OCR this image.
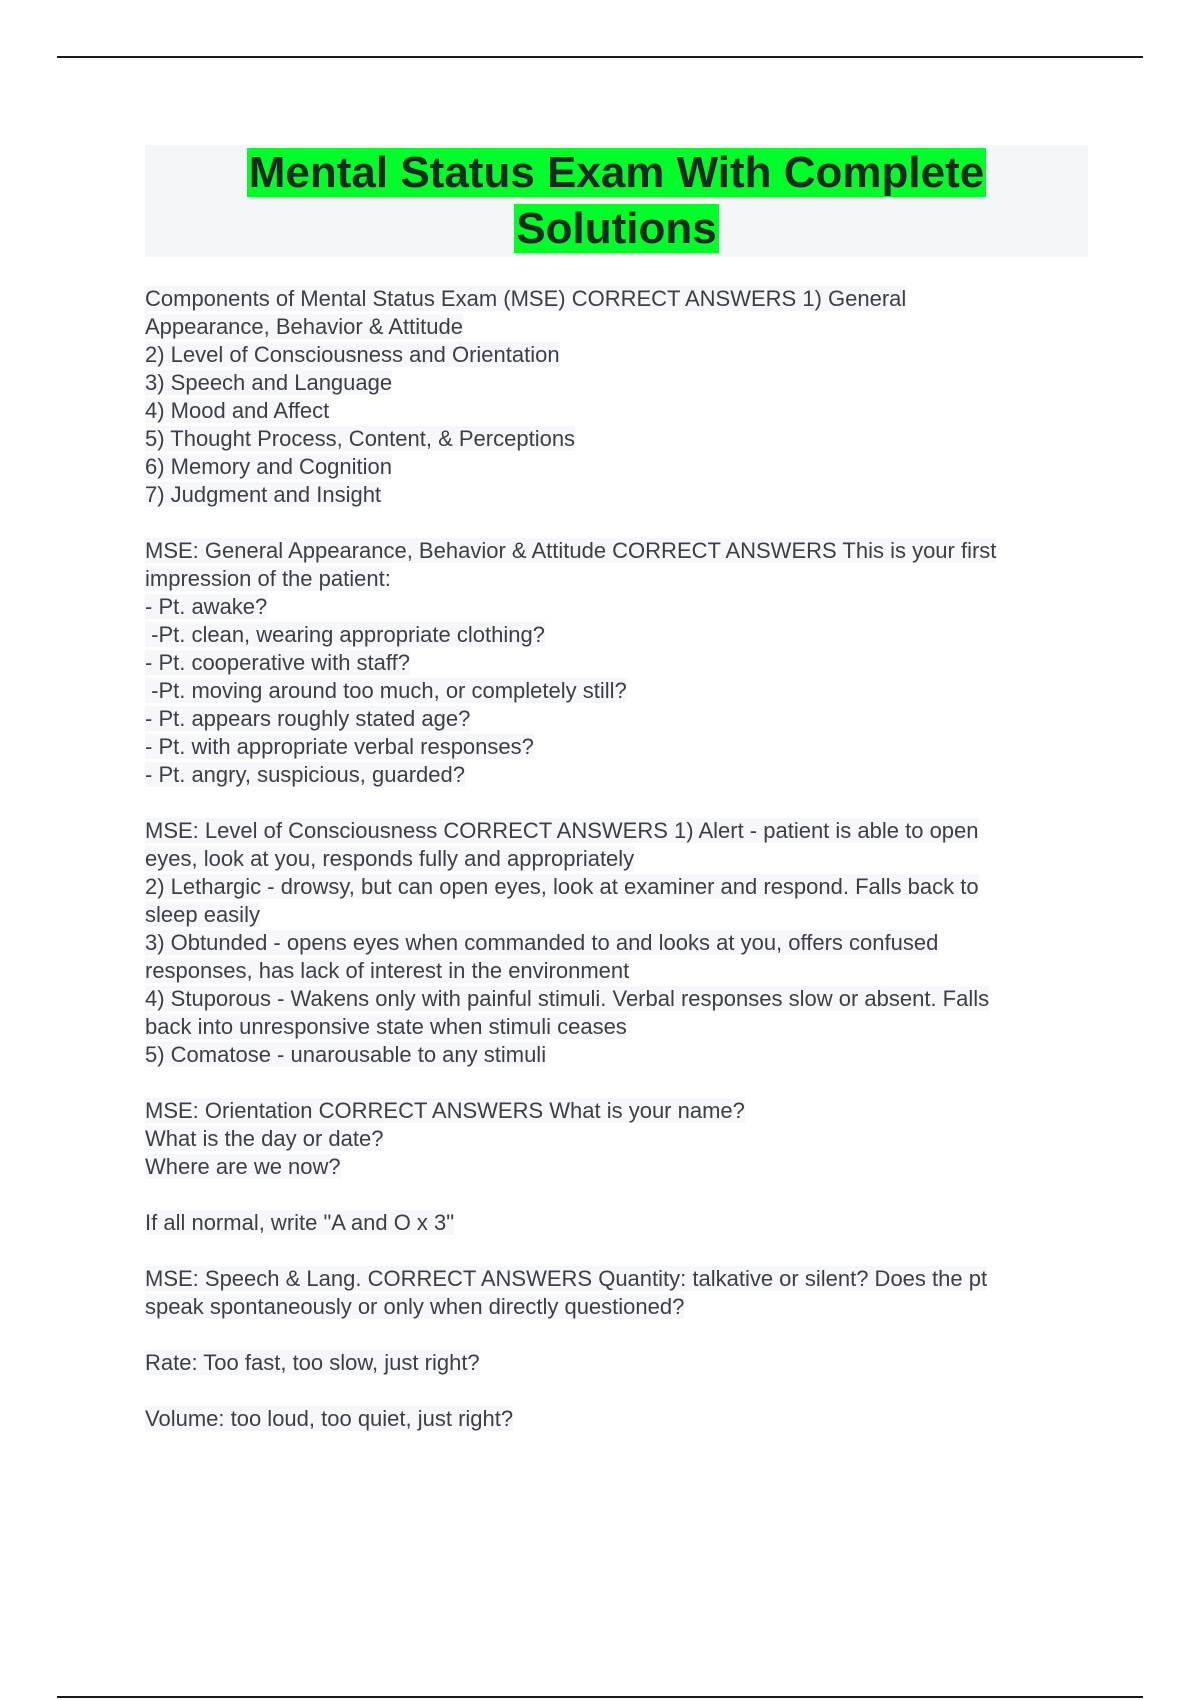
Mental Status Exam With Complete
Solutions
Components of Mental Status Exam (MSE) CORRECT ANSWERS 1) General
Appearance, Behavior & Attitude
2) Level of Consciousness and Orientation
3) Speech and Language
4) Mood and Affect
5) Thought Process, Content, & Perceptions
6) Memory and Cognition
7) Judgment and Insight
MSE: General Appearance, Behavior & Attitude CORRECT ANSWERS This is your first
impression of the patient:
- Pt. awake?
-Pt. clean, wearing appropriate clothing?
- Pt. cooperative with staff?
-Pt. moving around too much, or completely still?
- Pt. appears roughly stated age?
- Pt. with appropriate verbal responses?
- Pt. angry, suspicious, guarded?
MSE: Level of Consciousness CORRECT ANSWERS 1) Alert - patient is able to open
eyes, look at you, responds fully and appropriately
2) Lethargic - drowsy, but can open eyes, look at examiner and respond. Falls back to
sleep easily
3) Obtunded - opens eyes when commanded to and looks at you, offers confused
responses, has lack of interest in the environment
4) Stuporous - Wakens only with painful stimuli. Verbal responses slow or absent. Falls
back into unresponsive state when stimuli ceases
5) Comatose - unarousable to any stimuli
MSE: Orientation CORRECT ANSWERS What is your name?
What is the day or date?
Where are we now?
If all normal, write "A and O x 3"
MSE: Speech & Lang. CORRECT ANSWERS Quantity: talkative or silent? Does the pt
speak spontaneously or only when directly questioned?
Rate: Too fast, too slow, just right?
Volume: too loud, too quiet, just right?
